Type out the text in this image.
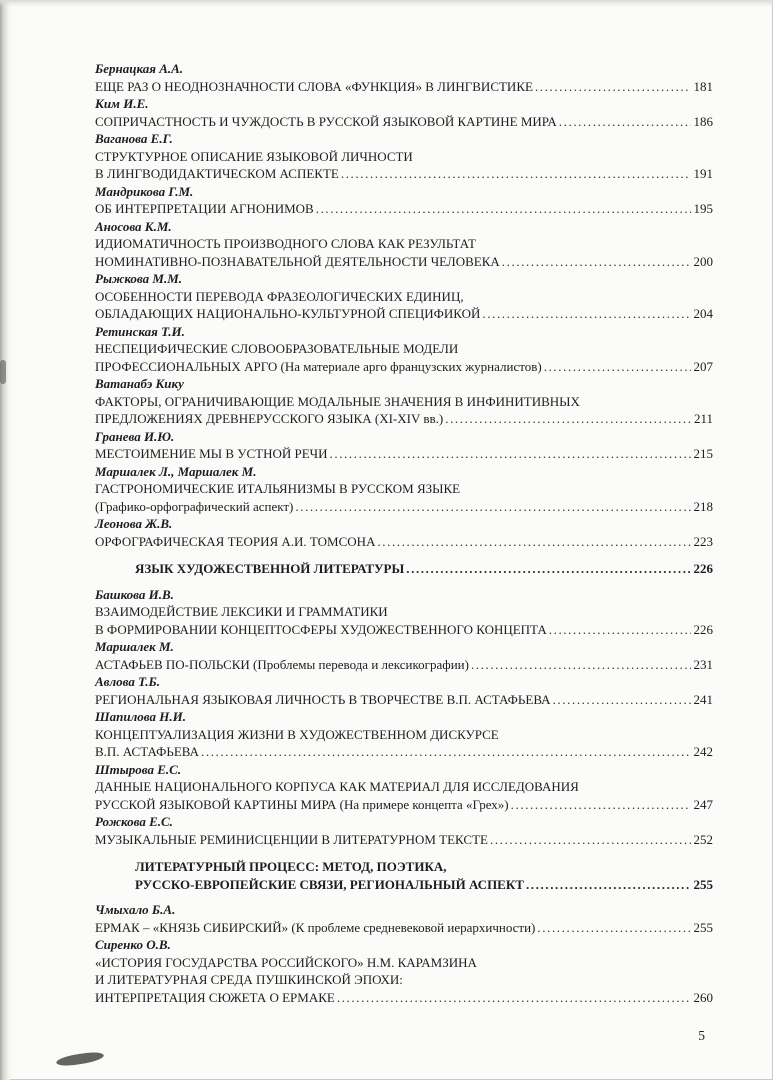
Бернацкая А.А.
ЕЩЕ РАЗ О НЕОДНОЗНАЧНОСТИ СЛОВА «ФУНКЦИЯ» В ЛИНГВИСТИКЕ .....	181
Ким И.Е.
СОПРИЧАСТНОСТЬ И ЧУЖДОСТЬ В РУССКОЙ ЯЗЫКОВОЙ КАРТИНЕ МИРА .....	186
Ваганова Е.Г.
СТРУКТУРНОЕ ОПИСАНИЕ ЯЗЫКОВОЙ ЛИЧНОСТИ
В ЛИНГВОДИДАКТИЧЕСКОМ АСПЕКТЕ .....	191
Мандрикова Г.М.
ОБ ИНТЕРПРЕТАЦИИ АГНОНИМОВ .....	195
Аносова К.М.
ИДИОМАТИЧНОСТЬ ПРОИЗВОДНОГО СЛОВА КАК РЕЗУЛЬТАТ
НОМИНАТИВНО-ПОЗНАВАТЕЛЬНОЙ ДЕЯТЕЛЬНОСТИ ЧЕЛОВЕКА .....	200
Рыжкова М.М.
ОСОБЕННОСТИ ПЕРЕВОДА ФРАЗЕОЛОГИЧЕСКИХ ЕДИНИЦ,
ОБЛАДАЮЩИХ НАЦИОНАЛЬНО-КУЛЬТУРНОЙ СПЕЦИФИКОЙ .....	204
Ретинская Т.И.
НЕСПЕЦИФИЧЕСКИЕ СЛОВООБРАЗОВАТЕЛЬНЫЕ МОДЕЛИ
ПРОФЕССИОНАЛЬНЫХ АРГО (На материале арго французских журналистов) .....	207
Ватанабэ Кику
ФАКТОРЫ, ОГРАНИЧИВАЮЩИЕ МОДАЛЬНЫЕ ЗНАЧЕНИЯ В ИНФИНИТИВНЫХ
ПРЕДЛОЖЕНИЯХ ДРЕВНЕРУССКОГО ЯЗЫКА (XI-XIV вв.) .....	211
Гранева И.Ю.
МЕСТОИМЕНИЕ МЫ В УСТНОЙ РЕЧИ .....	215
Маршалек Л., Маршалек М.
ГАСТРОНОМИЧЕСКИЕ ИТАЛЬЯНИЗМЫ В РУССКОМ ЯЗЫКЕ
(Графико-орфографический аспект) .....	218
Леонова Ж.В.
ОРФОГРАФИЧЕСКАЯ ТЕОРИЯ А.И. ТОМСОНА .....	223
ЯЗЫК ХУДОЖЕСТВЕННОЙ ЛИТЕРАТУРЫ .....	226
Башкова И.В.
ВЗАИМОДЕЙСТВИЕ ЛЕКСИКИ И ГРАММАТИКИ
В ФОРМИРОВАНИИ КОНЦЕПТОСФЕРЫ ХУДОЖЕСТВЕННОГО КОНЦЕПТА .....	226
Маршалек М.
АСТАФЬЕВ ПО-ПОЛЬСКИ (Проблемы перевода и лексикографии) .....	231
Авлова Т.Б.
РЕГИОНАЛЬНАЯ ЯЗЫКОВАЯ ЛИЧНОСТЬ В ТВОРЧЕСТВЕ В.П. АСТАФЬЕВА .....	241
Шапилова Н.И.
КОНЦЕПТУАЛИЗАЦИЯ ЖИЗНИ В ХУДОЖЕСТВЕННОМ ДИСКУРСЕ
В.П. АСТАФЬЕВА .....	242
Штырова Е.С.
ДАННЫЕ НАЦИОНАЛЬНОГО КОРПУСА КАК МАТЕРИАЛ ДЛЯ ИССЛЕДОВАНИЯ
РУССКОЙ ЯЗЫКОВОЙ КАРТИНЫ МИРА (На примере концепта «Грех») .....	247
Рожкова Е.С.
МУЗЫКАЛЬНЫЕ РЕМИНИСЦЕНЦИИ В ЛИТЕРАТУРНОМ ТЕКСТЕ .....	252
ЛИТЕРАТУРНЫЙ ПРОЦЕСС: МЕТОД, ПОЭТИКА,
РУССКО-ЕВРОПЕЙСКИЕ СВЯЗИ, РЕГИОНАЛЬНЫЙ АСПЕКТ .....	255
Чмыхало Б.А.
ЕРМАК – «КНЯЗЬ СИБИРСКИЙ» (К проблеме средневековой иерархичности) .....	255
Сиренко О.В.
«ИСТОРИЯ ГОСУДАРСТВА РОССИЙСКОГО» Н.М. КАРАМЗИНА
И ЛИТЕРАТУРНАЯ СРЕДА ПУШКИНСКОЙ ЭПОХИ:
ИНТЕРПРЕТАЦИЯ СЮЖЕТА О ЕРМАКЕ .....	260
5
